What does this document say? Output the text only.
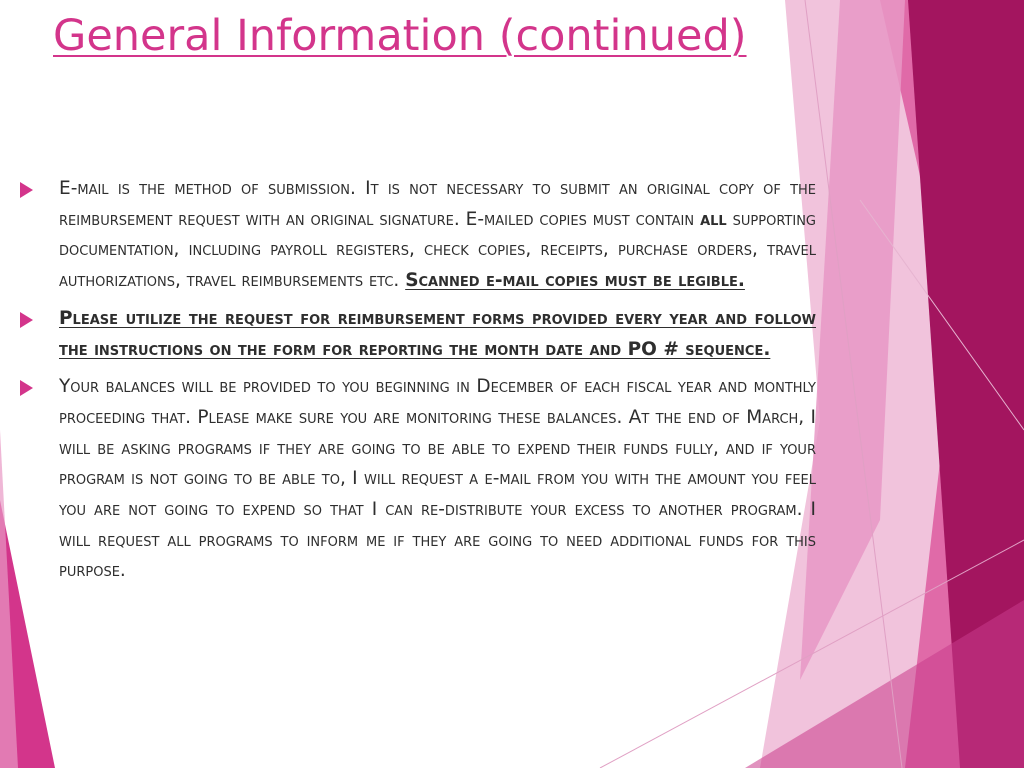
General Information (continued)
E-mail is the method of submission. It is not necessary to submit an original copy of the reimbursement request with an original signature. E-mailed copies must contain all supporting documentation, including payroll registers, check copies, receipts, purchase orders, travel authorizations, travel reimbursements etc. Scanned e-mail copies must be legible.
Please utilize the request for reimbursement forms provided every year and follow the instructions on the form for reporting the month date and PO # sequence.
Your balances will be provided to you beginning in December of each fiscal year and monthly proceeding that. Please make sure you are monitoring these balances. At the end of March, I will be asking programs if they are going to be able to expend their funds fully, and if your program is not going to be able to, I will request a e-mail from you with the amount you feel you are not going to expend so that I can re-distribute your excess to another program. I will request all programs to inform me if they are going to need additional funds for this purpose.
